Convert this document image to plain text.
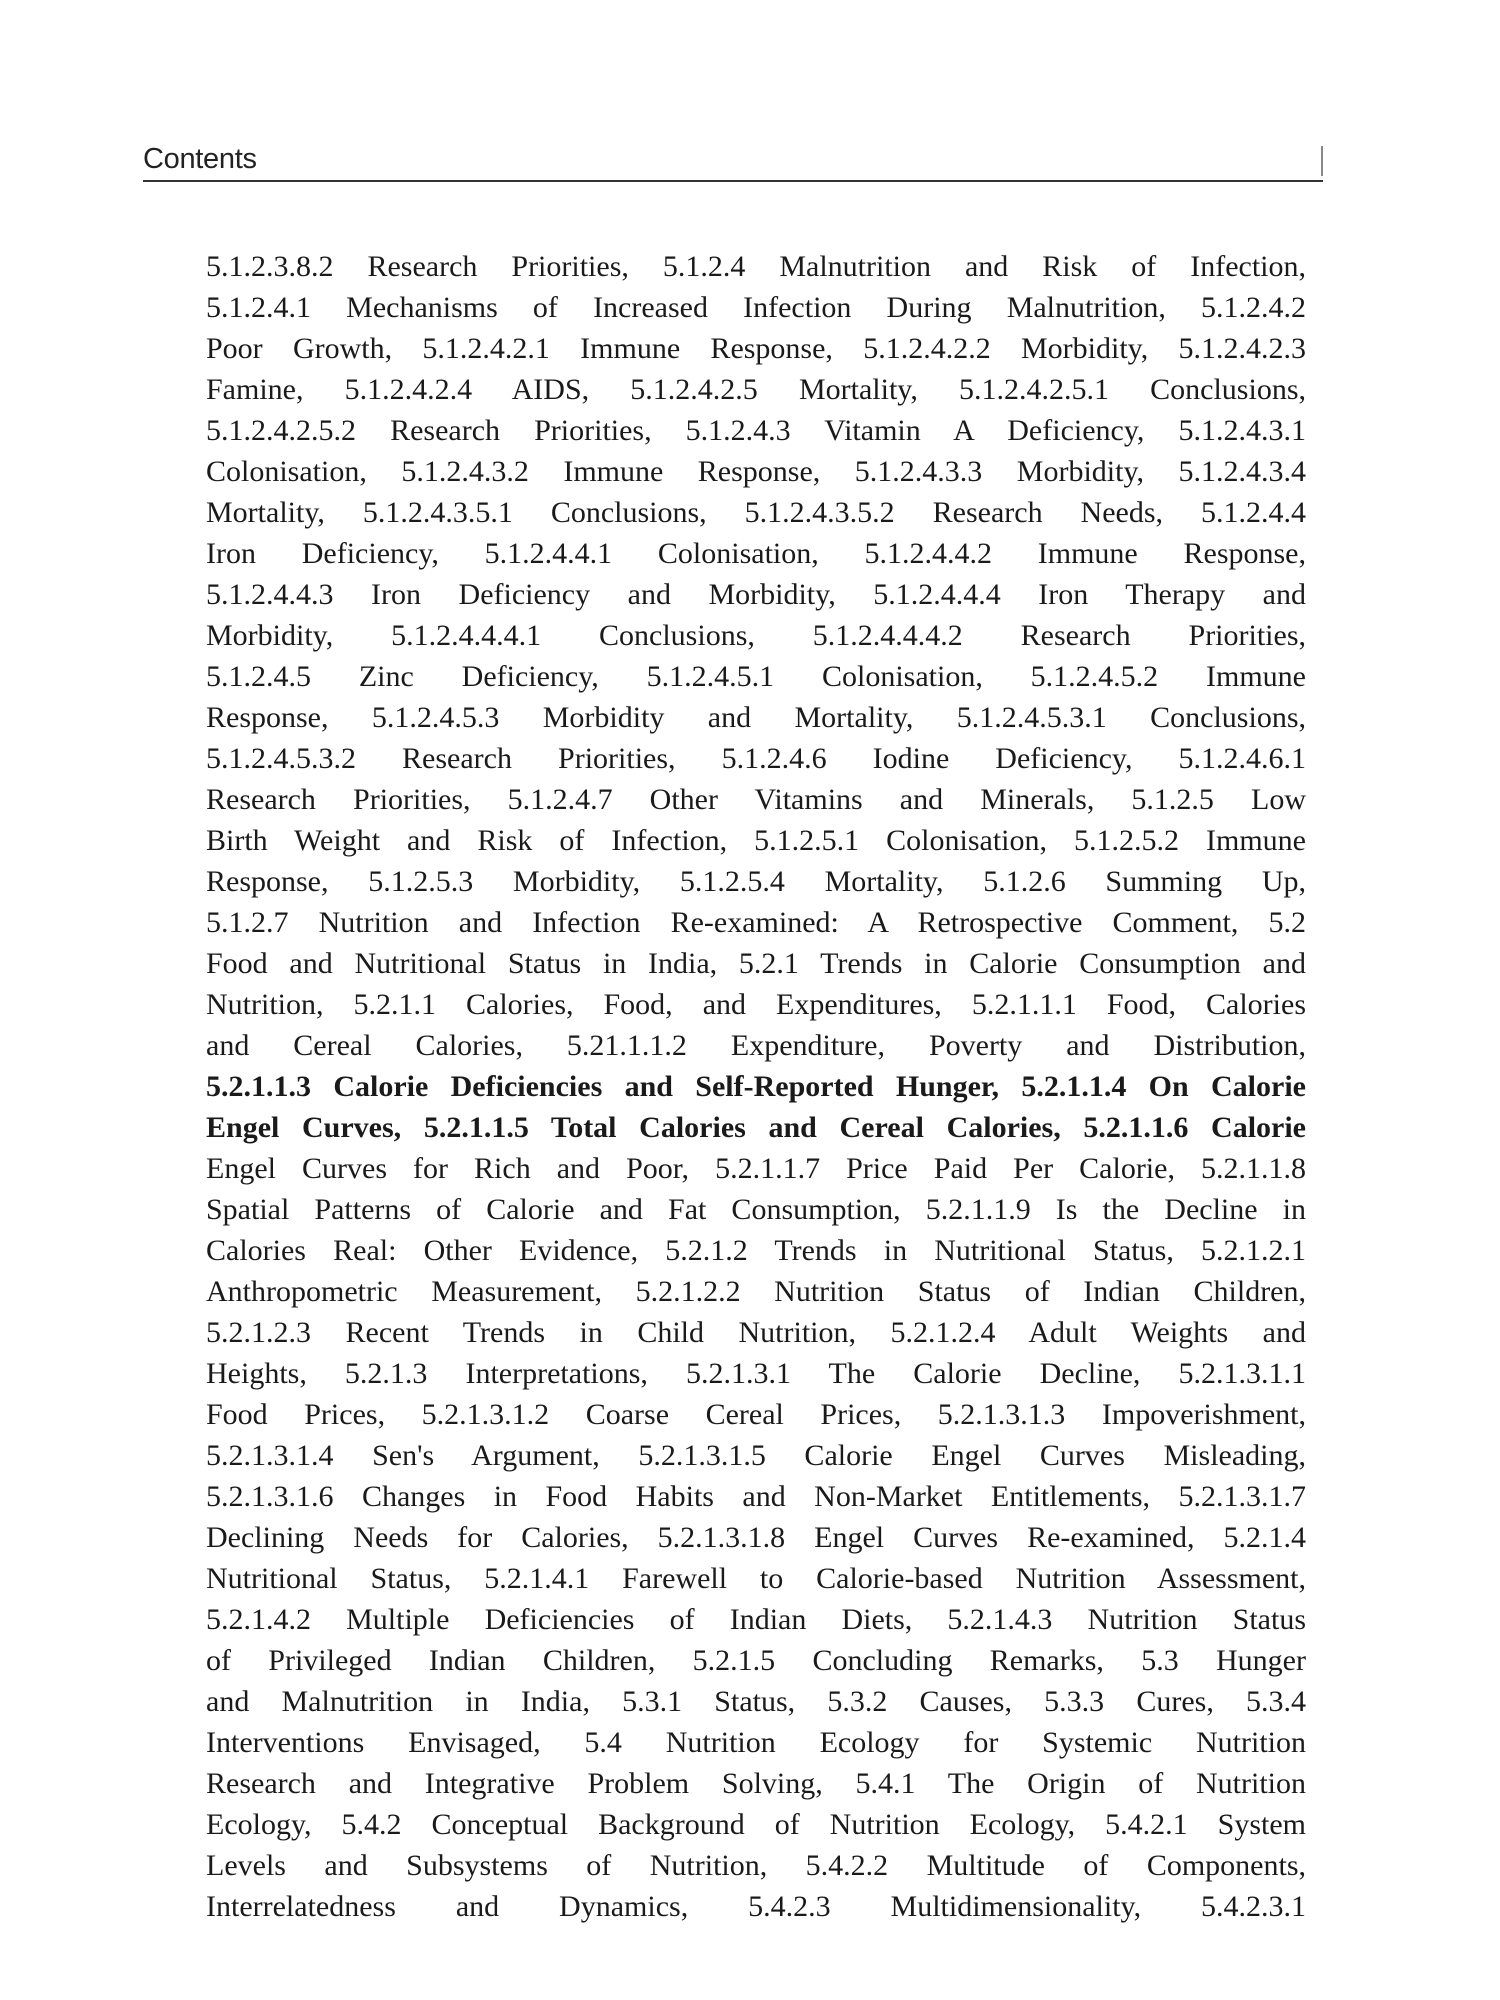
Contents
5.1.2.3.8.2 Research Priorities, 5.1.2.4 Malnutrition and Risk of Infection,
5.1.2.4.1 Mechanisms of Increased Infection During Malnutrition, 5.1.2.4.2
Poor Growth, 5.1.2.4.2.1 Immune Response, 5.1.2.4.2.2 Morbidity, 5.1.2.4.2.3
Famine, 5.1.2.4.2.4 AIDS, 5.1.2.4.2.5 Mortality, 5.1.2.4.2.5.1 Conclusions,
5.1.2.4.2.5.2 Research Priorities, 5.1.2.4.3 Vitamin A Deficiency, 5.1.2.4.3.1
Colonisation, 5.1.2.4.3.2 Immune Response, 5.1.2.4.3.3 Morbidity, 5.1.2.4.3.4
Mortality, 5.1.2.4.3.5.1 Conclusions, 5.1.2.4.3.5.2 Research Needs, 5.1.2.4.4
Iron Deficiency, 5.1.2.4.4.1 Colonisation, 5.1.2.4.4.2 Immune Response,
5.1.2.4.4.3 Iron Deficiency and Morbidity, 5.1.2.4.4.4 Iron Therapy and
Morbidity, 5.1.2.4.4.4.1 Conclusions, 5.1.2.4.4.4.2 Research Priorities,
5.1.2.4.5 Zinc Deficiency, 5.1.2.4.5.1 Colonisation, 5.1.2.4.5.2 Immune
Response, 5.1.2.4.5.3 Morbidity and Mortality, 5.1.2.4.5.3.1 Conclusions,
5.1.2.4.5.3.2 Research Priorities, 5.1.2.4.6 Iodine Deficiency, 5.1.2.4.6.1
Research Priorities, 5.1.2.4.7 Other Vitamins and Minerals, 5.1.2.5 Low
Birth Weight and Risk of Infection, 5.1.2.5.1 Colonisation, 5.1.2.5.2 Immune
Response, 5.1.2.5.3 Morbidity, 5.1.2.5.4 Mortality, 5.1.2.6 Summing Up,
5.1.2.7 Nutrition and Infection Re-examined: A Retrospective Comment, 5.2
Food and Nutritional Status in India, 5.2.1 Trends in Calorie Consumption and
Nutrition, 5.2.1.1 Calories, Food, and Expenditures, 5.2.1.1.1 Food, Calories
and Cereal Calories, 5.21.1.1.2 Expenditure, Poverty and Distribution,
5.2.1.1.3 Calorie Deficiencies and Self-Reported Hunger, 5.2.1.1.4 On Calorie
Engel Curves, 5.2.1.1.5 Total Calories and Cereal Calories, 5.2.1.1.6 Calorie
Engel Curves for Rich and Poor, 5.2.1.1.7 Price Paid Per Calorie, 5.2.1.1.8
Spatial Patterns of Calorie and Fat Consumption, 5.2.1.1.9 Is the Decline in
Calories Real: Other Evidence, 5.2.1.2 Trends in Nutritional Status, 5.2.1.2.1
Anthropometric Measurement, 5.2.1.2.2 Nutrition Status of Indian Children,
5.2.1.2.3 Recent Trends in Child Nutrition, 5.2.1.2.4 Adult Weights and
Heights, 5.2.1.3 Interpretations, 5.2.1.3.1 The Calorie Decline, 5.2.1.3.1.1
Food Prices, 5.2.1.3.1.2 Coarse Cereal Prices, 5.2.1.3.1.3 Impoverishment,
5.2.1.3.1.4 Sen's Argument, 5.2.1.3.1.5 Calorie Engel Curves Misleading,
5.2.1.3.1.6 Changes in Food Habits and Non-Market Entitlements, 5.2.1.3.1.7
Declining Needs for Calories, 5.2.1.3.1.8 Engel Curves Re-examined, 5.2.1.4
Nutritional Status, 5.2.1.4.1 Farewell to Calorie-based Nutrition Assessment,
5.2.1.4.2 Multiple Deficiencies of Indian Diets, 5.2.1.4.3 Nutrition Status
of Privileged Indian Children, 5.2.1.5 Concluding Remarks, 5.3 Hunger
and Malnutrition in India, 5.3.1 Status, 5.3.2 Causes, 5.3.3 Cures, 5.3.4
Interventions Envisaged, 5.4 Nutrition Ecology for Systemic Nutrition
Research and Integrative Problem Solving, 5.4.1 The Origin of Nutrition
Ecology, 5.4.2 Conceptual Background of Nutrition Ecology, 5.4.2.1 System
Levels and Subsystems of Nutrition, 5.4.2.2 Multitude of Components,
Interrelatedness and Dynamics, 5.4.2.3 Multidimensionality, 5.4.2.3.1
